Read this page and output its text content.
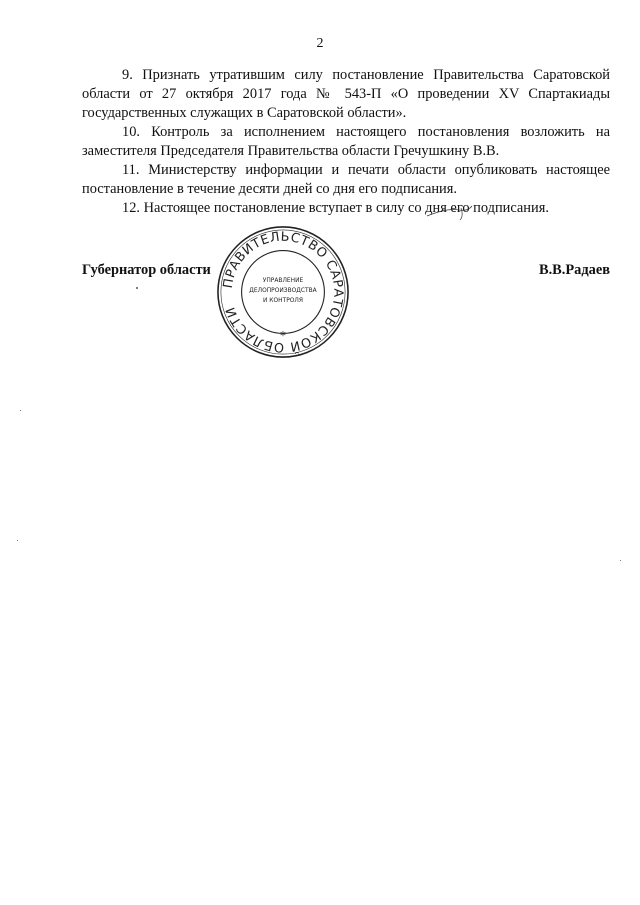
2

9. Признать утратившим силу постановление Правительства Саратовской области от 27 октября 2017 года № 543-П «О проведении XV Спартакиады государственных служащих в Саратовской области».

10. Контроль за исполнением настоящего постановления возложить на заместителя Председателя Правительства области Гречушкину В.В.

11. Министерству информации и печати области опубликовать настоящее постановление в течение десяти дней со дня его подписания.

12. Настоящее постановление вступает в силу со дня его подписания.

Губернатор области	В.В.Радаев
ПРАВИТЕЛЬСТВО САРАТОВСКОЙ ОБЛАСТИ
УПРАВЛЕНИЕ
ДЕЛОПРОИЗВОДСТВА
И КОНТРОЛЯ
*
